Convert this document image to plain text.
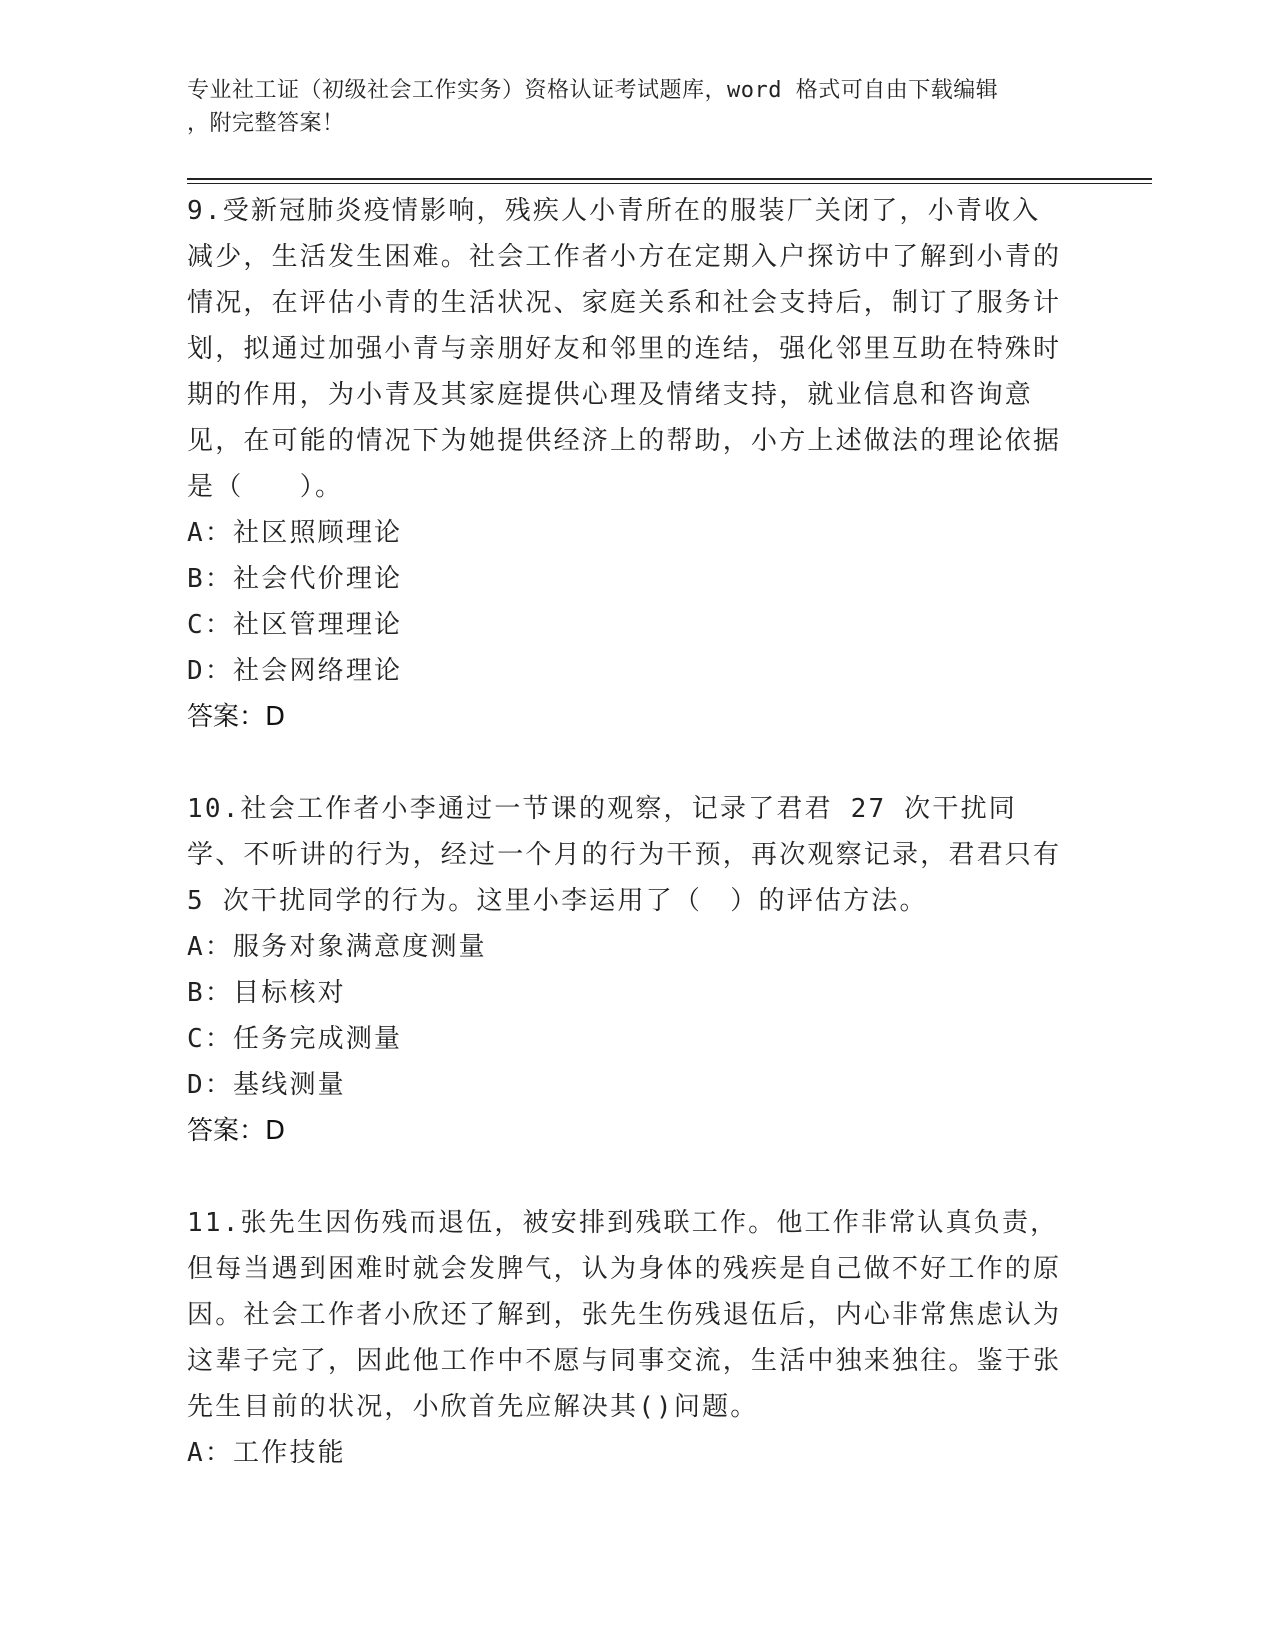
专业社工证（初级社会工作实务）资格认证考试题库，word 格式可自由下载编辑
，附完整答案！

9.受新冠肺炎疫情影响，残疾人小青所在的服装厂关闭了，小青收入减少，生活发生困难。社会工作者小方在定期入户探访中了解到小青的情况，在评估小青的生活状况、家庭关系和社会支持后，制订了服务计划，拟通过加强小青与亲朋好友和邻里的连结，强化邻里互助在特殊时期的作用，为小青及其家庭提供心理及情绪支持，就业信息和咨询意见，在可能的情况下为她提供经济上的帮助，小方上述做法的理论依据是（　　）。

A：社区照顾理论

B：社会代价理论

C：社区管理理论

D：社会网络理论

答案：D

10.社会工作者小李通过一节课的观察，记录了君君 27 次干扰同学、不听讲的行为，经过一个月的行为干预，再次观察记录，君君只有 5 次干扰同学的行为。这里小李运用了（　）的评估方法。

A：服务对象满意度测量

B：目标核对

C：任务完成测量

D：基线测量

答案：D

11.张先生因伤残而退伍，被安排到残联工作。他工作非常认真负责，但每当遇到困难时就会发脾气，认为身体的残疾是自己做不好工作的原因。社会工作者小欣还了解到，张先生伤残退伍后，内心非常焦虑认为这辈子完了，因此他工作中不愿与同事交流，生活中独来独往。鉴于张先生目前的状况，小欣首先应解决其()问题。

A：工作技能
